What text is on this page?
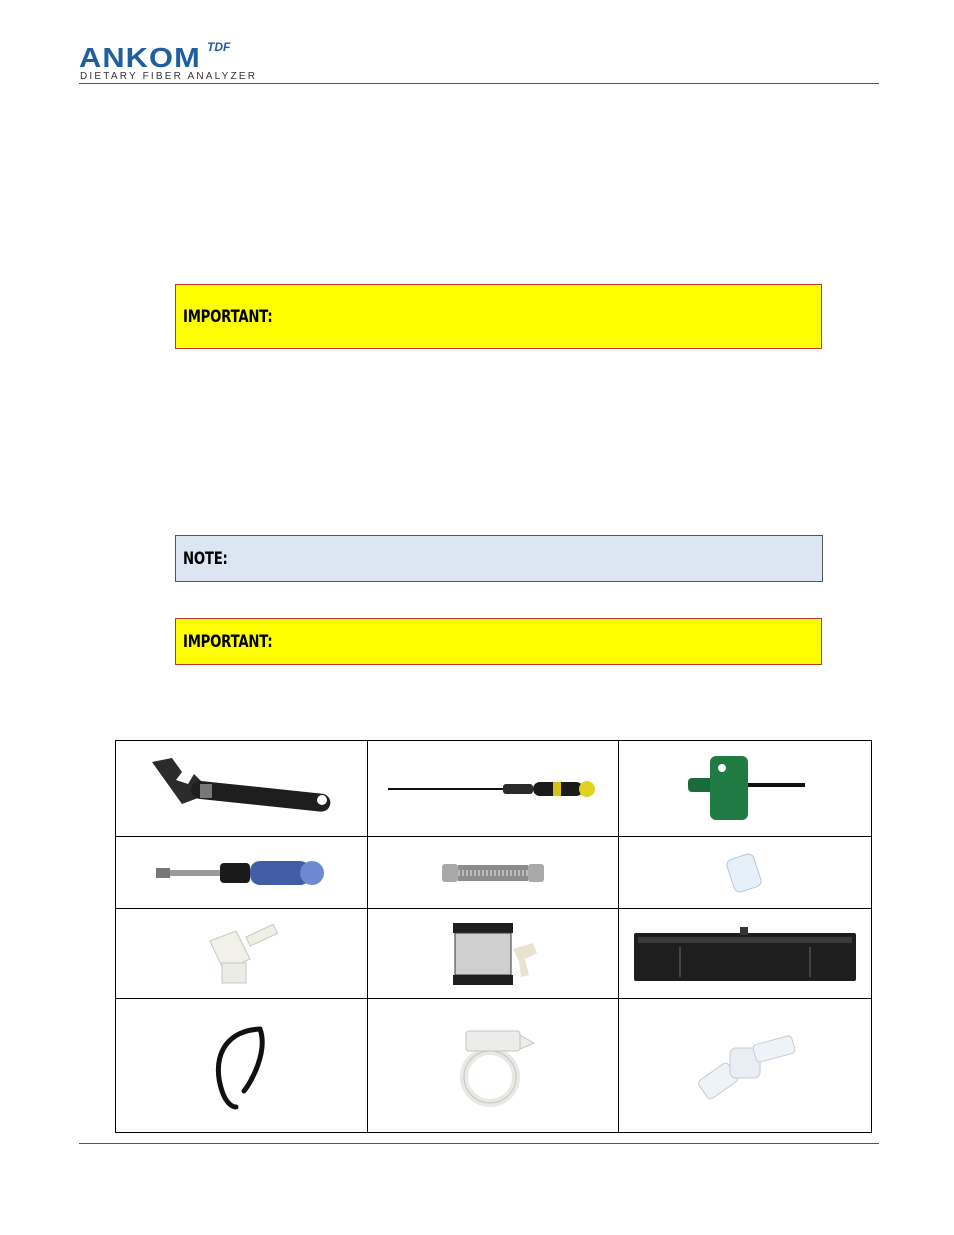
ANKOM TDF
DIETARY FIBER ANALYZER
IMPORTANT:
NOTE:
IMPORTANT:
